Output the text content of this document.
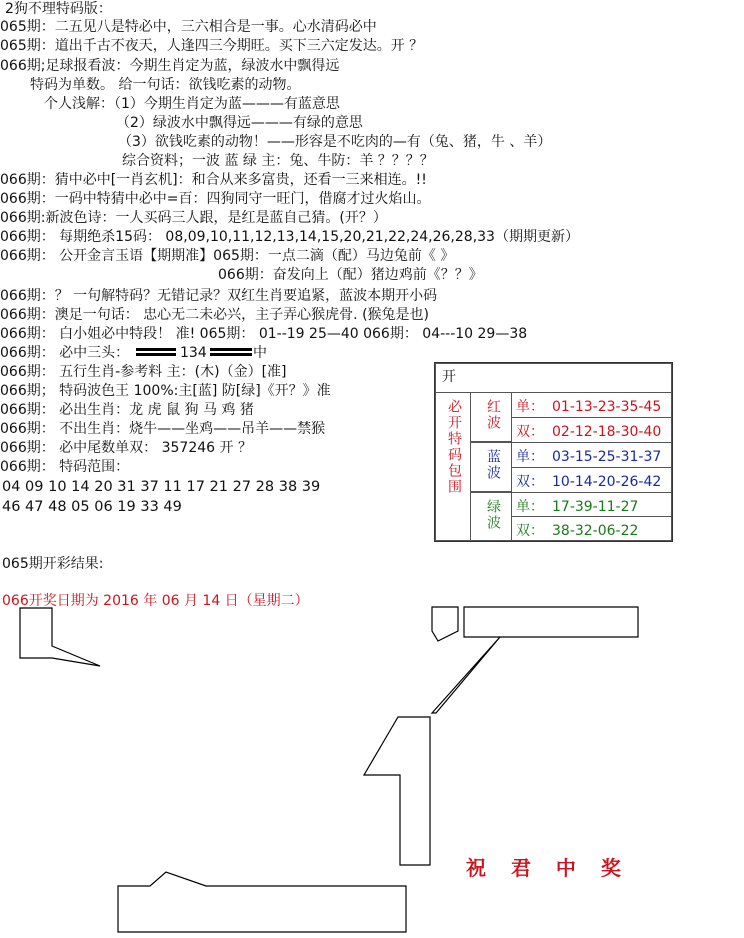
2狗不理特码版：
065期：二五见八是特必中，三六相合是一事。心水清码必中
065期：道出千古不夜天，人逢四三今期旺。买下三六定发达。开 ？
066期;足球报看波：今期生肖定为蓝，绿波水中飘得远
特码为单数。 给一句话：欲钱吃素的动物。
个人浅解：（1）今期生肖定为蓝———有蓝意思
（2）绿波水中飘得远———有绿的意思
（3）欲钱吃素的动物！——形容是不吃肉的—有（兔、猪，牛 、羊）
综合资料；一波 蓝 绿 主：兔、牛防：羊 ？？？？
066期：猜中必中[一肖玄机]：和合从来多富贵，还看一三来相连。!!
066期：一码中特猜中必中=百：四狗同守一旺门，借腐才过火焰山。
066期:新波色诗：一人买码三人跟，是红是蓝自己猜。(开？）
066期： 每期绝杀15码： 08,09,10,11,12,13,14,15,20,21,22,24,26,28,33（期期更新）
066期： 公开金言玉语【期期准】065期：一点二滴（配）马边兔前《 》
066期：奋发向上（配）猪边鸡前《？？》
066期：？ 一句解特码？无错记录？双红生肖要追紧，蓝波本期开小码
066期：澳足一句话： 忠心无二未必兴，主子弄心猴虎骨. (猴兔是也)
066期： 白小姐必中特段！ 准! 065期： 01--19 25—40 066期： 04---10 29—38
066期： 必中三头：
066期： 五行生肖-参考料 主：(木)（金）[准]
066期； 特码波色王 100%:主[蓝] 防[绿]《开？》准
066期： 必出生肖：龙 虎 鼠 狗 马 鸡 猪
066期： 不出生肖：烧牛——坐鸡——吊羊——禁猴
066期： 必中尾数单双： 357246 开 ？
066期： 特码范围：
04 09 10 14 20 31 37 11 17 21 27 28 38 39
46 47 48 05 06 19 33 49
065期开彩结果:
066开奖日期为 2016 年 06 月 14 日（星期二）
134	中
开
必开特码包围 红波	单： 01-13-23-35-45
双： 02-12-18-30-40
蓝波	单： 03-15-25-31-37
双： 10-14-20-26-42
绿波	单： 17-39-11-27
双： 38-32-06-22
祝 君 中 奖
